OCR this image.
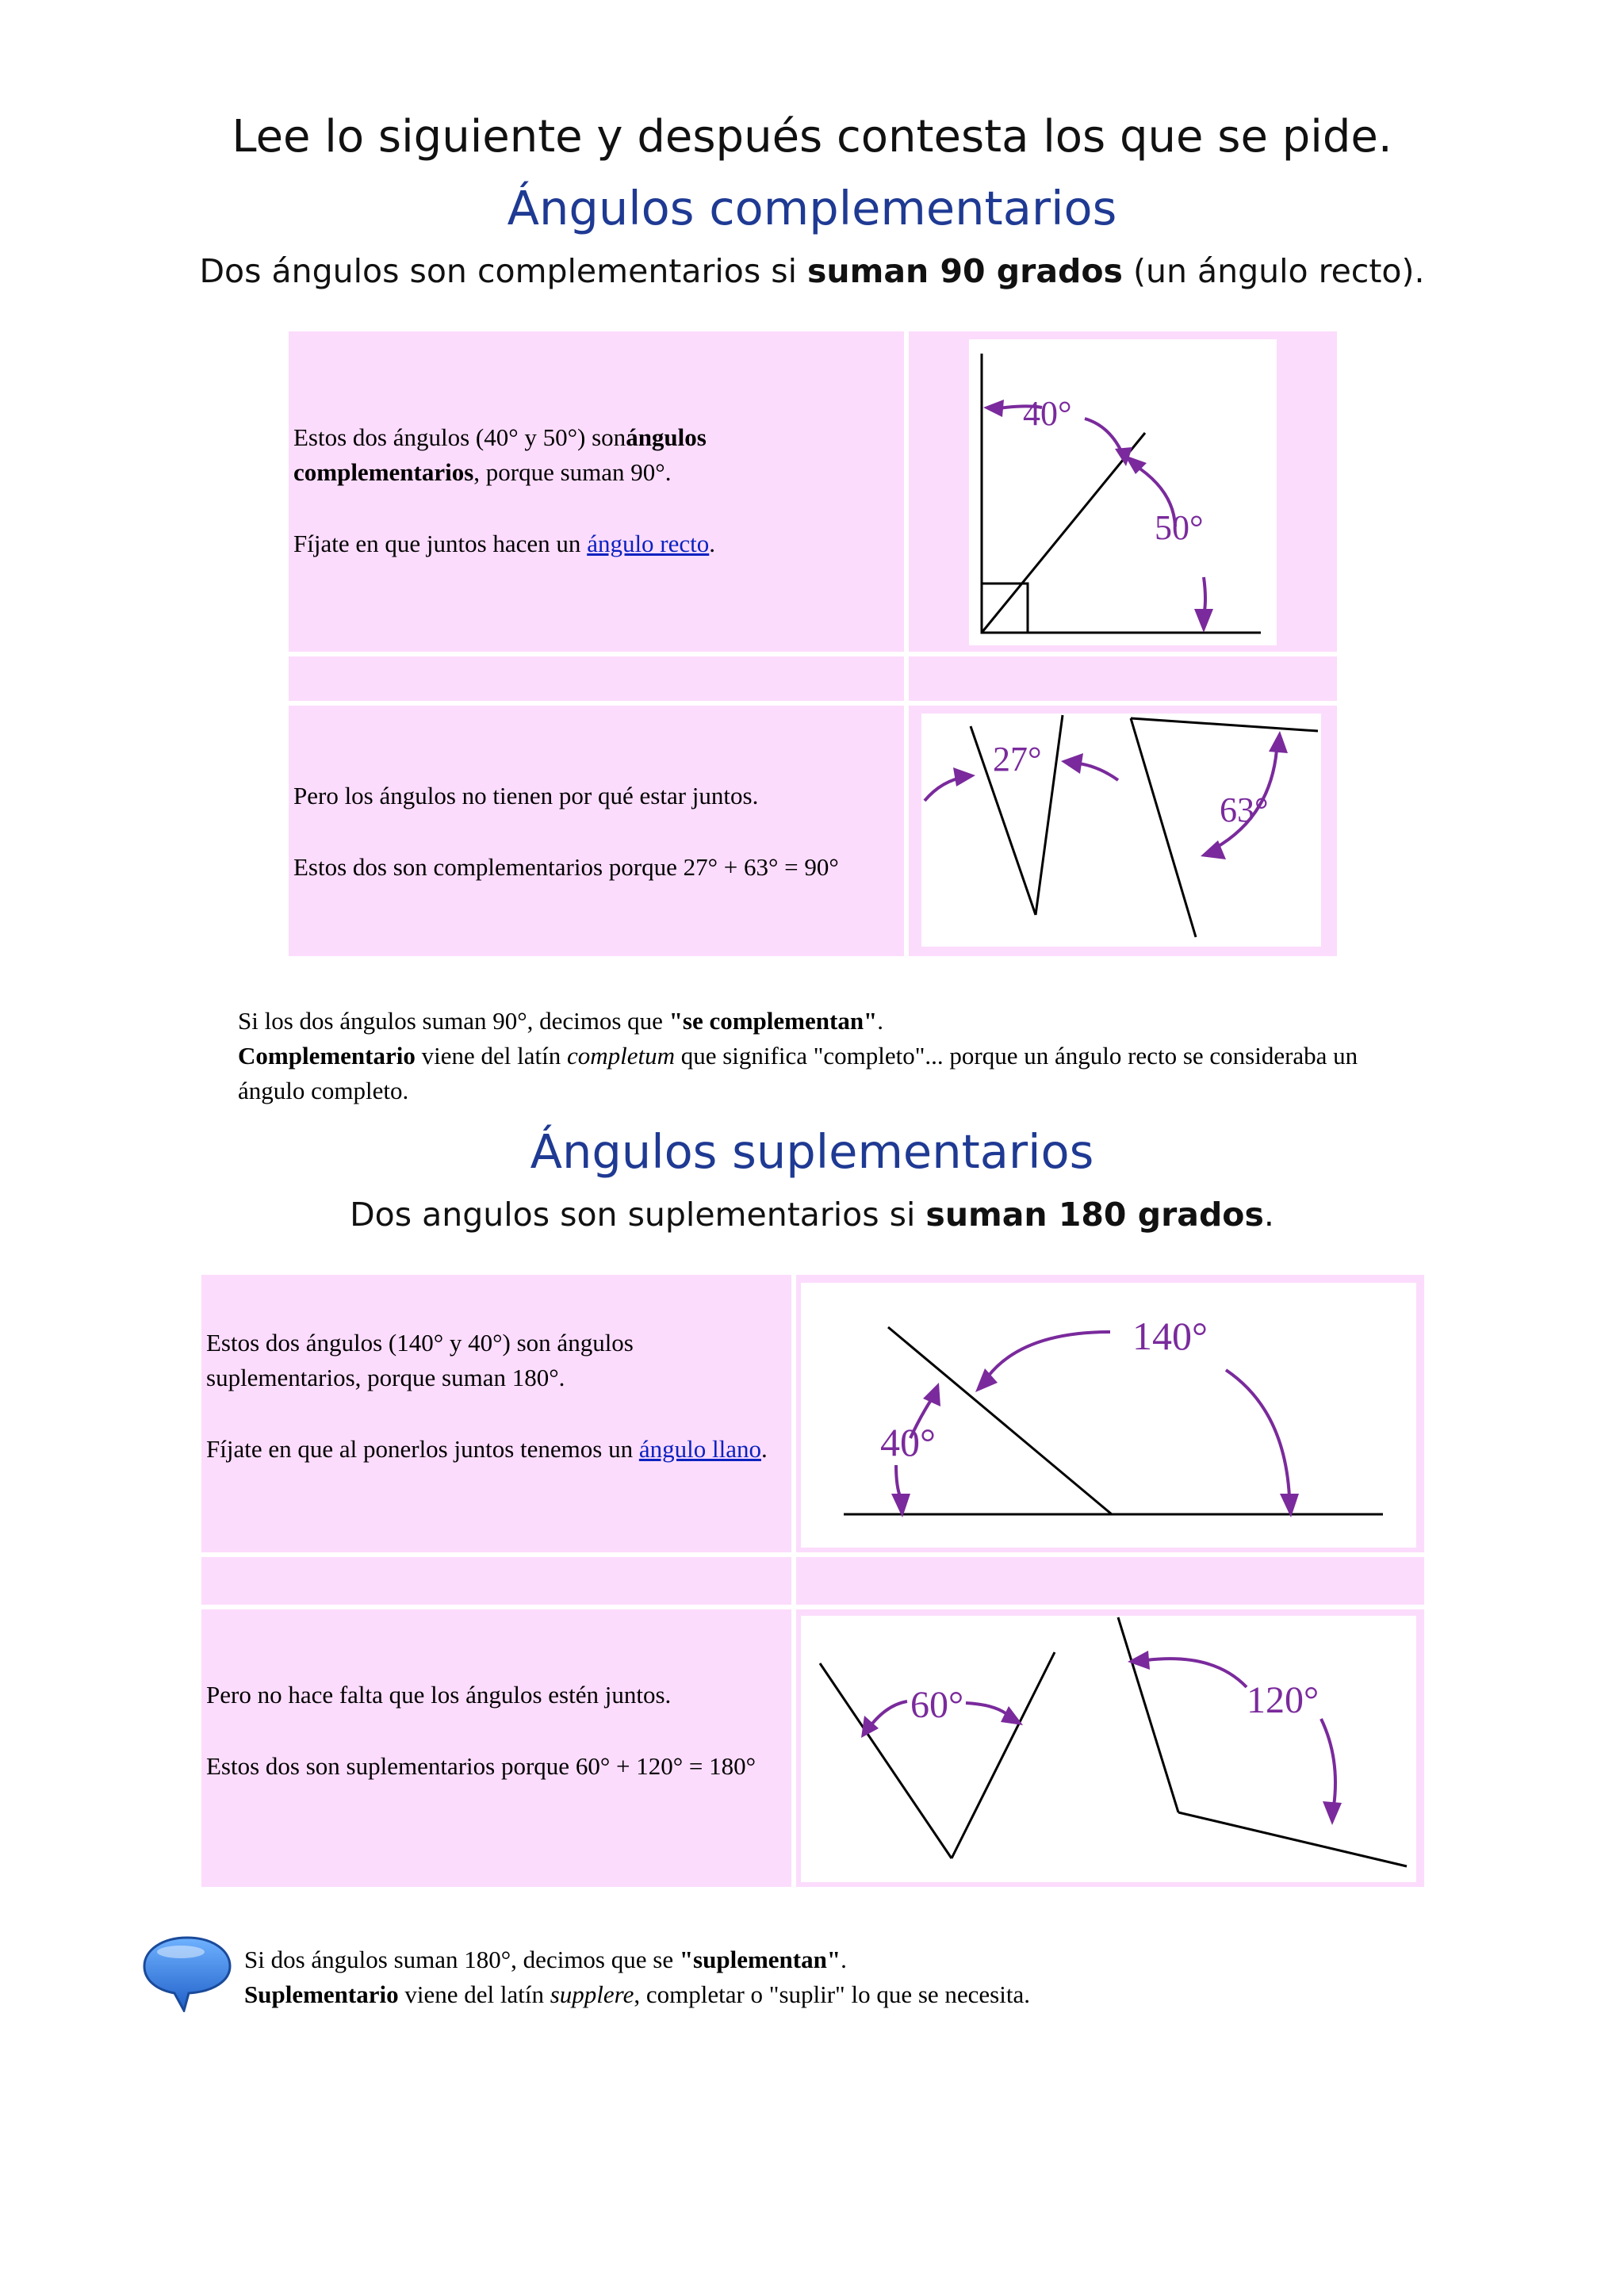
Lee lo siguiente y después contesta los que se pide.
Ángulos complementarios
Dos ángulos son complementarios si suman 90 grados (un ángulo recto).

Estos dos ángulos (40° y 50°) sonángulos complementarios, porque suman 90°.

Fíjate en que juntos hacen un ángulo recto.

40°
50°

Pero los ángulos no tienen por qué estar juntos.

Estos dos son complementarios porque 27° + 63° = 90°

27°
63°
Si los dos ángulos suman 90°, decimos que "se complementan".
Complementario viene del latín completum que significa "completo"... porque un ángulo recto se consideraba un ángulo completo.
Ángulos suplementarios
Dos angulos son suplementarios si suman 180 grados.

Estos dos ángulos (140° y 40°) son ángulos suplementarios, porque suman 180°.

Fíjate en que al ponerlos juntos tenemos un ángulo llano.

140°
40°

Pero no hace falta que los ángulos estén juntos.

Estos dos son suplementarios porque 60° + 120° = 180°

60°	120°
Si dos ángulos suman 180°, decimos que se "suplementan".
Suplementario viene del latín supplere, completar o "suplir" lo que se necesita.
